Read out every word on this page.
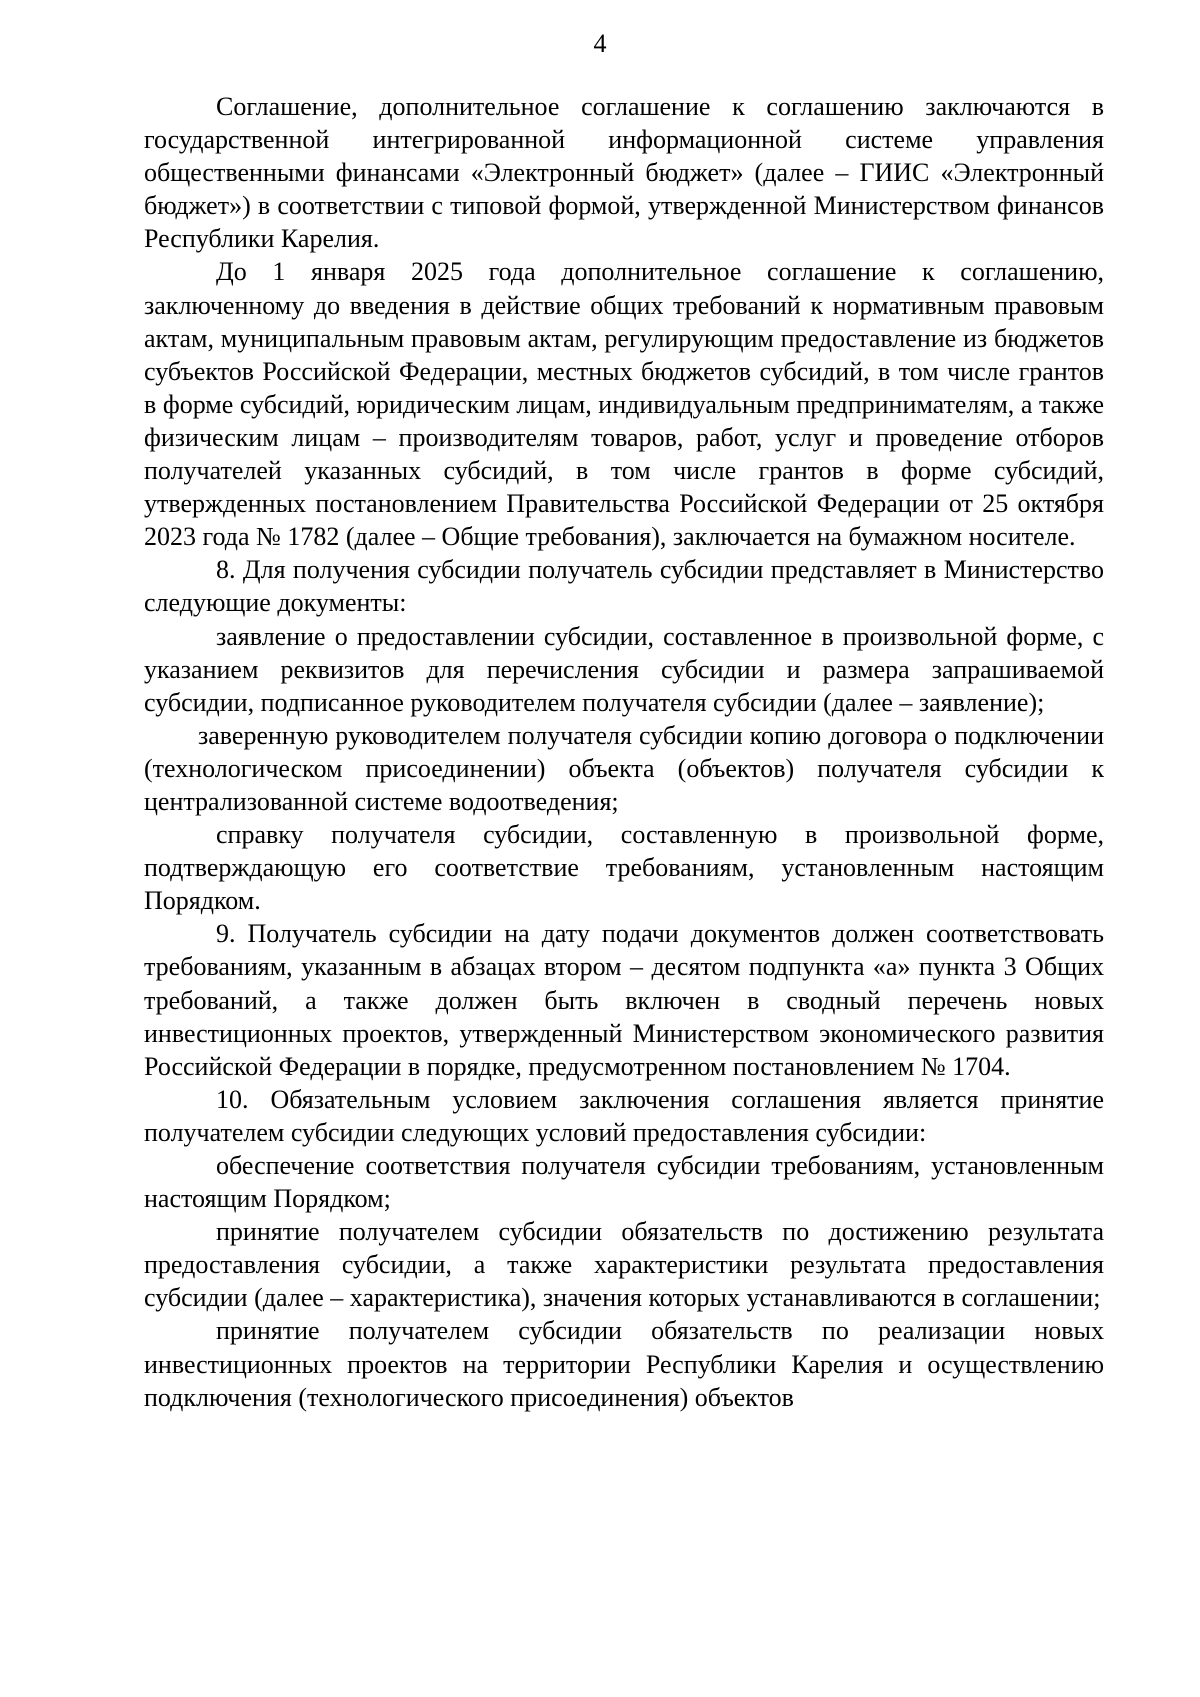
4

Соглашение, дополнительное соглашение к соглашению заключаются в государственной интегрированной информационной системе управления общественными финансами «Электронный бюджет» (далее – ГИИС «Электронный бюджет») в соответствии с типовой формой, утвержденной Министерством финансов Республики Карелия.

До 1 января 2025 года дополнительное соглашение к соглашению, заключенному до введения в действие общих требований к нормативным правовым актам, муниципальным правовым актам, регулирующим предоставление из бюджетов субъектов Российской Федерации, местных бюджетов субсидий, в том числе грантов в форме субсидий, юридическим лицам, индивидуальным предпринимателям, а также физическим лицам – производителям товаров, работ, услуг и проведение отборов получателей указанных субсидий, в том числе грантов в форме субсидий, утвержденных постановлением Правительства Российской Федерации от 25 октября 2023 года № 1782 (далее – Общие требования), заключается на бумажном носителе.

8. Для получения субсидии получатель субсидии представляет в Министерство следующие документы:

заявление о предоставлении субсидии, составленное в произвольной форме, с указанием реквизитов для перечисления субсидии и размера запрашиваемой субсидии, подписанное руководителем получателя субсидии (далее – заявление);

заверенную руководителем получателя субсидии копию договора о подключении (технологическом присоединении) объекта (объектов) получателя субсидии к централизованной системе водоотведения;

справку получателя субсидии, составленную в произвольной форме, подтверждающую его соответствие требованиям, установленным настоящим Порядком.

9. Получатель субсидии на дату подачи документов должен соответствовать требованиям, указанным в абзацах втором – десятом подпункта «а» пункта 3 Общих требований, а также должен быть включен в сводный перечень новых инвестиционных проектов, утвержденный Министерством экономического развития Российской Федерации в порядке, предусмотренном постановлением № 1704.

10. Обязательным условием заключения соглашения является принятие получателем субсидии следующих условий предоставления субсидии:

обеспечение соответствия получателя субсидии требованиям, установленным настоящим Порядком;

принятие получателем субсидии обязательств по достижению результата предоставления субсидии, а также характеристики результата предоставления субсидии (далее – характеристика), значения которых устанавливаются в соглашении;

принятие получателем субсидии обязательств по реализации новых инвестиционных проектов на территории Республики Карелия и осуществлению подключения (технологического присоединения) объектов
